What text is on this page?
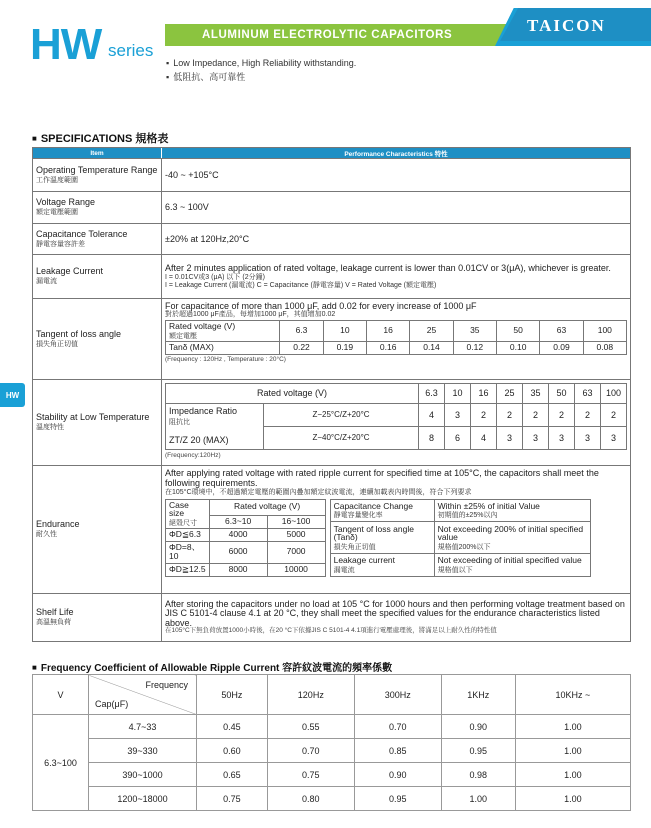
HW series
ALUMINUM ELECTROLYTIC CAPACITORS	TAICON
▪ Low Impedance, High Reliability withstanding.
▪ 低阻抗、高可靠性
HW
■ SPECIFICATIONS 規格表
Item	Performance Characteristics 特性
Operating Temperature Range
工作溫度範圍
-40 ~ +105°C
Voltage Range
額定電壓範圍
6.3 ~ 100V
Capacitance Tolerance
靜電容量容許差
±20% at 120Hz,20°C
Leakage Current
漏電流
After 2 minutes application of rated voltage, leakage current is lower than 0.01CV or 3(μA), whichever is greater.
I = 0.01CV或3 (μA) 以下 (2分鐘)
I = Leakage Current (漏電流) C = Capacitance (靜電容量) V = Rated Voltage (額定電壓)
Tangent of loss angle
損失角正切值
For capacitance of more than 1000 μF, add 0.02 for every increase of 1000 μF
對於超過1000 μF產品，每增加1000 μF，其值增加0.02
Rated voltage (V)
額定電壓	6.3	10	16	25	35	50	63	100
Tanδ (MAX)	0.22	0.19	0.16	0.14	0.12	0.10	0.09	0.08
(Frequency : 120Hz , Temperature : 20°C)
Stability at Low Temperature
溫度特性
Rated voltage (V)		6.3	10	16	25	35	50	63	100
Impedance Ratio
阻抗比

ZT/Z 20 (MAX)	Z−25°C/Z+20°C	4	3	2	2	2	2	2	2
	Z−40°C/Z+20°C	8	6	4	3	3	3	3	3
(Frequency:120Hz)
Endurance
耐久性
After applying rated voltage with rated ripple current for specified time at 105°C, the capacitors shall meet the following requirements.
在105°C環境中，不超過額定電壓的範圍內疊加額定紋波電流，連續加載表內時間後，符合下列要求
Case size
絕殼尺寸	Rated voltage (V)	
	6.3~10	16~100
ΦD≦6.3	4000	5000
ΦD=8、10	6000	7000
ΦD≧12.5	8000	10000
Capacitance Change
靜電容量變化率	Within ±25% of initial Value
初期值的±25%以內
Tangent of loss angle (Tanδ)
損失角正切值	Not exceeding 200% of initial specified value
規格值200%以下
Leakage current
漏電流	Not exceeding of initial specified value
規格值以下
Shelf Life
高溫無負荷
After storing the capacitors under no load at 105 °C for 1000 hours and then performing voltage treatment based on JIS C 5101-4 clause 4.1 at 20 °C, they shall meet the specified values for the endurance characteristics listed above.
在105°C下無負荷放置1000小時後，在20 °C下依據JIS C 5101-4 4.1項進行電壓處理後，將滿足以上耐久性的特性值
■ Frequency Coefficient of Allowable Ripple Current 容許紋波電流的頻率係數
V	Frequency
Cap(μF)	50Hz	120Hz	300Hz	1KHz	10KHz ~
6.3~100	4.7~33	0.45	0.55	0.70	0.90	1.00
	39~330	0.60	0.70	0.85	0.95	1.00
	390~1000	0.65	0.75	0.90	0.98	1.00
	1200~18000	0.75	0.80	0.95	1.00	1.00
